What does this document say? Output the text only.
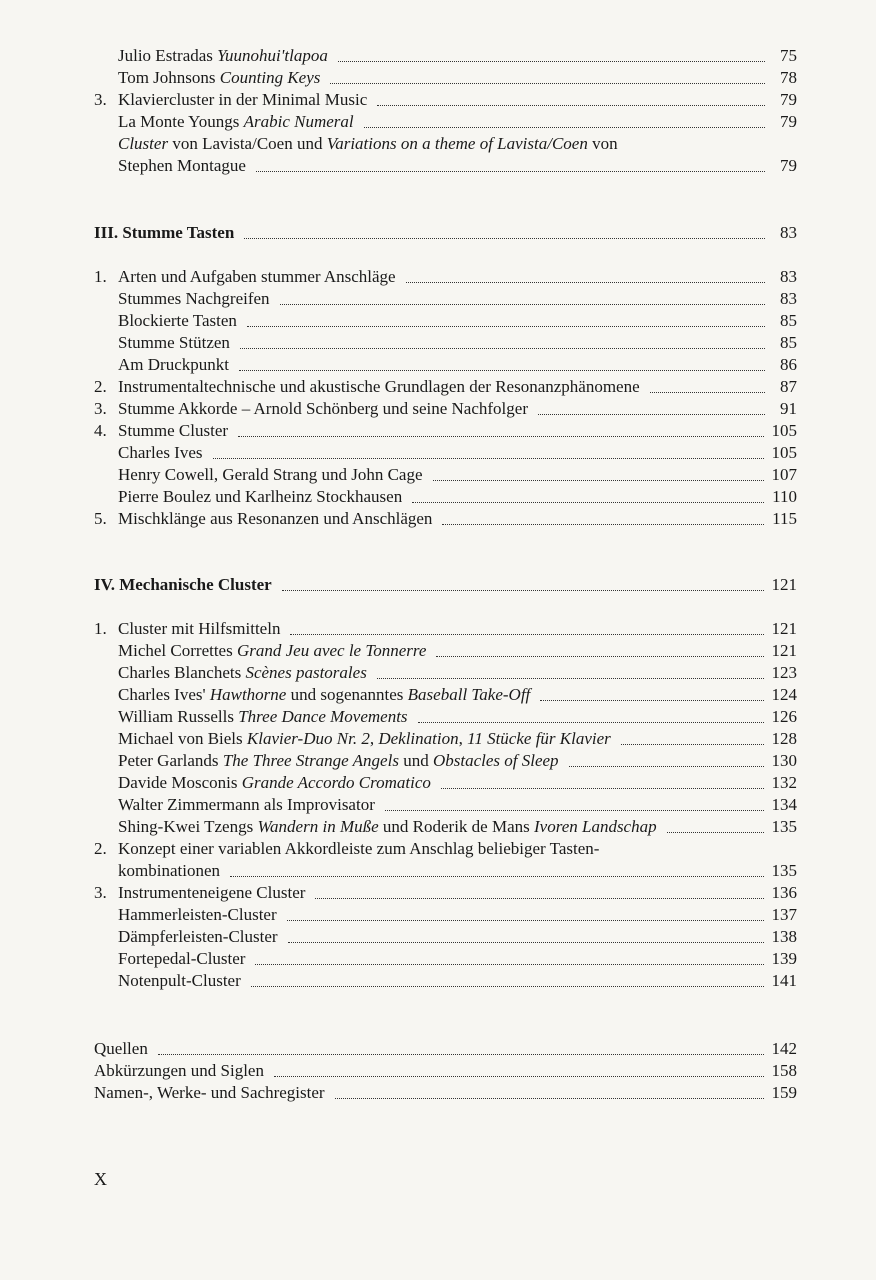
Julio Estradas Yuunohui'tlapoa	75
Tom Johnsons Counting Keys	78
3. Klaviercluster in der Minimal Music	79
La Monte Youngs Arabic Numeral	79
Cluster von Lavista/Coen und Variations on a theme of Lavista/Coen von
Stephen Montague	79
III. Stumme Tasten	83
1. Arten und Aufgaben stummer Anschläge	83
Stummes Nachgreifen	83
Blockierte Tasten	85
Stumme Stützen	85
Am Druckpunkt	86
2. Instrumentaltechnische und akustische Grundlagen der Resonanzphänomene	87
3. Stumme Akkorde – Arnold Schönberg und seine Nachfolger	91
4. Stumme Cluster	105
Charles Ives	105
Henry Cowell, Gerald Strang und John Cage	107
Pierre Boulez und Karlheinz Stockhausen	110
5. Mischklänge aus Resonanzen und Anschlägen	115
IV. Mechanische Cluster	121
1. Cluster mit Hilfsmitteln	121
Michel Correttes Grand Jeu avec le Tonnerre	121
Charles Blanchets Scènes pastorales	123
Charles Ives' Hawthorne und sogenanntes Baseball Take-Off	124
William Russells Three Dance Movements	126
Michael von Biels Klavier-Duo Nr. 2, Deklination, 11 Stücke für Klavier	128
Peter Garlands The Three Strange Angels und Obstacles of Sleep	130
Davide Mosconis Grande Accordo Cromatico	132
Walter Zimmermann als Improvisator	134
Shing-Kwei Tzengs Wandern in Muße und Roderik de Mans Ivoren Landschap	135
2. Konzept einer variablen Akkordleiste zum Anschlag beliebiger Tasten-
kombinationen	135
3. Instrumenteneigene Cluster	136
Hammerleisten-Cluster	137
Dämpferleisten-Cluster	138
Fortepedal-Cluster	139
Notenpult-Cluster	141
Quellen	142
Abkürzungen und Siglen	158
Namen-, Werke- und Sachregister	159
X
